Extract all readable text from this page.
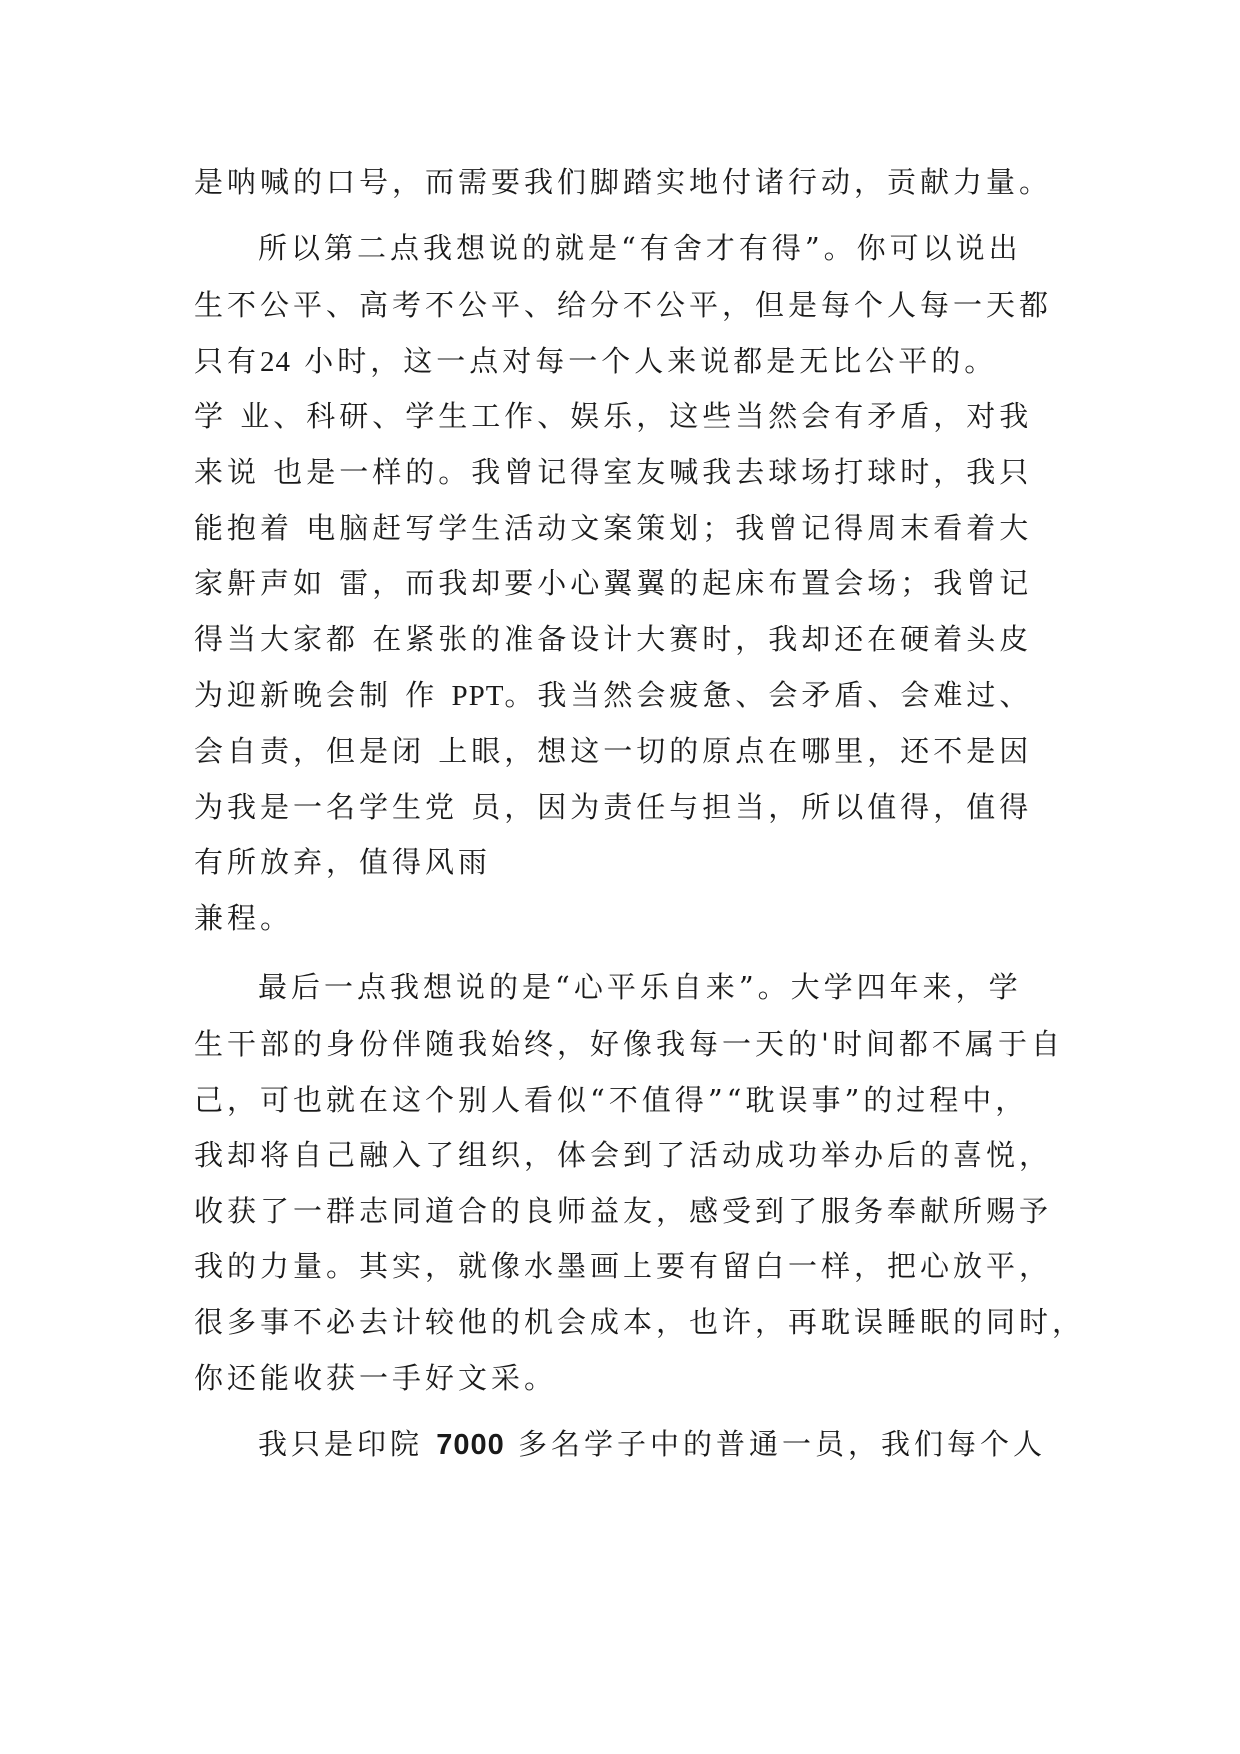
是呐喊的口号，而需要我们脚踏实地付诸行动，贡献力量。
所以第二点我想说的就是“有舍才有得”。你可以说出
生不公平、高考不公平、给分不公平，但是每个人每一天都
只有24 小时，这一点对每一个人来说都是无比公平的。
学 业、科研、学生工作、娱乐，这些当然会有矛盾，对我
来说 也是一样的。我曾记得室友喊我去球场打球时，我只
能抱着 电脑赶写学生活动文案策划；我曾记得周末看着大
家鼾声如 雷，而我却要小心翼翼的起床布置会场；我曾记
得当大家都 在紧张的准备设计大赛时，我却还在硬着头皮
为迎新晚会制 作 PPT。我当然会疲惫、会矛盾、会难过、
会自责，但是闭 上眼，想这一切的原点在哪里，还不是因
为我是一名学生党 员，因为责任与担当，所以值得，值得
有所放弃，值得风雨
兼程。
最后一点我想说的是“心平乐自来”。大学四年来，学
生干部的身份伴随我始终，好像我每一天的'时间都不属于自
己，可也就在这个别人看似“不值得”“耽误事”的过程中，
我却将自己融入了组织，体会到了活动成功举办后的喜悦，
收获了一群志同道合的良师益友，感受到了服务奉献所赐予
我的力量。其实，就像水墨画上要有留白一样，把心放平，
很多事不必去计较他的机会成本，也许，再耽误睡眠的同时，
你还能收获一手好文采。
我只是印院 7000 多名学子中的普通一员，我们每个人
